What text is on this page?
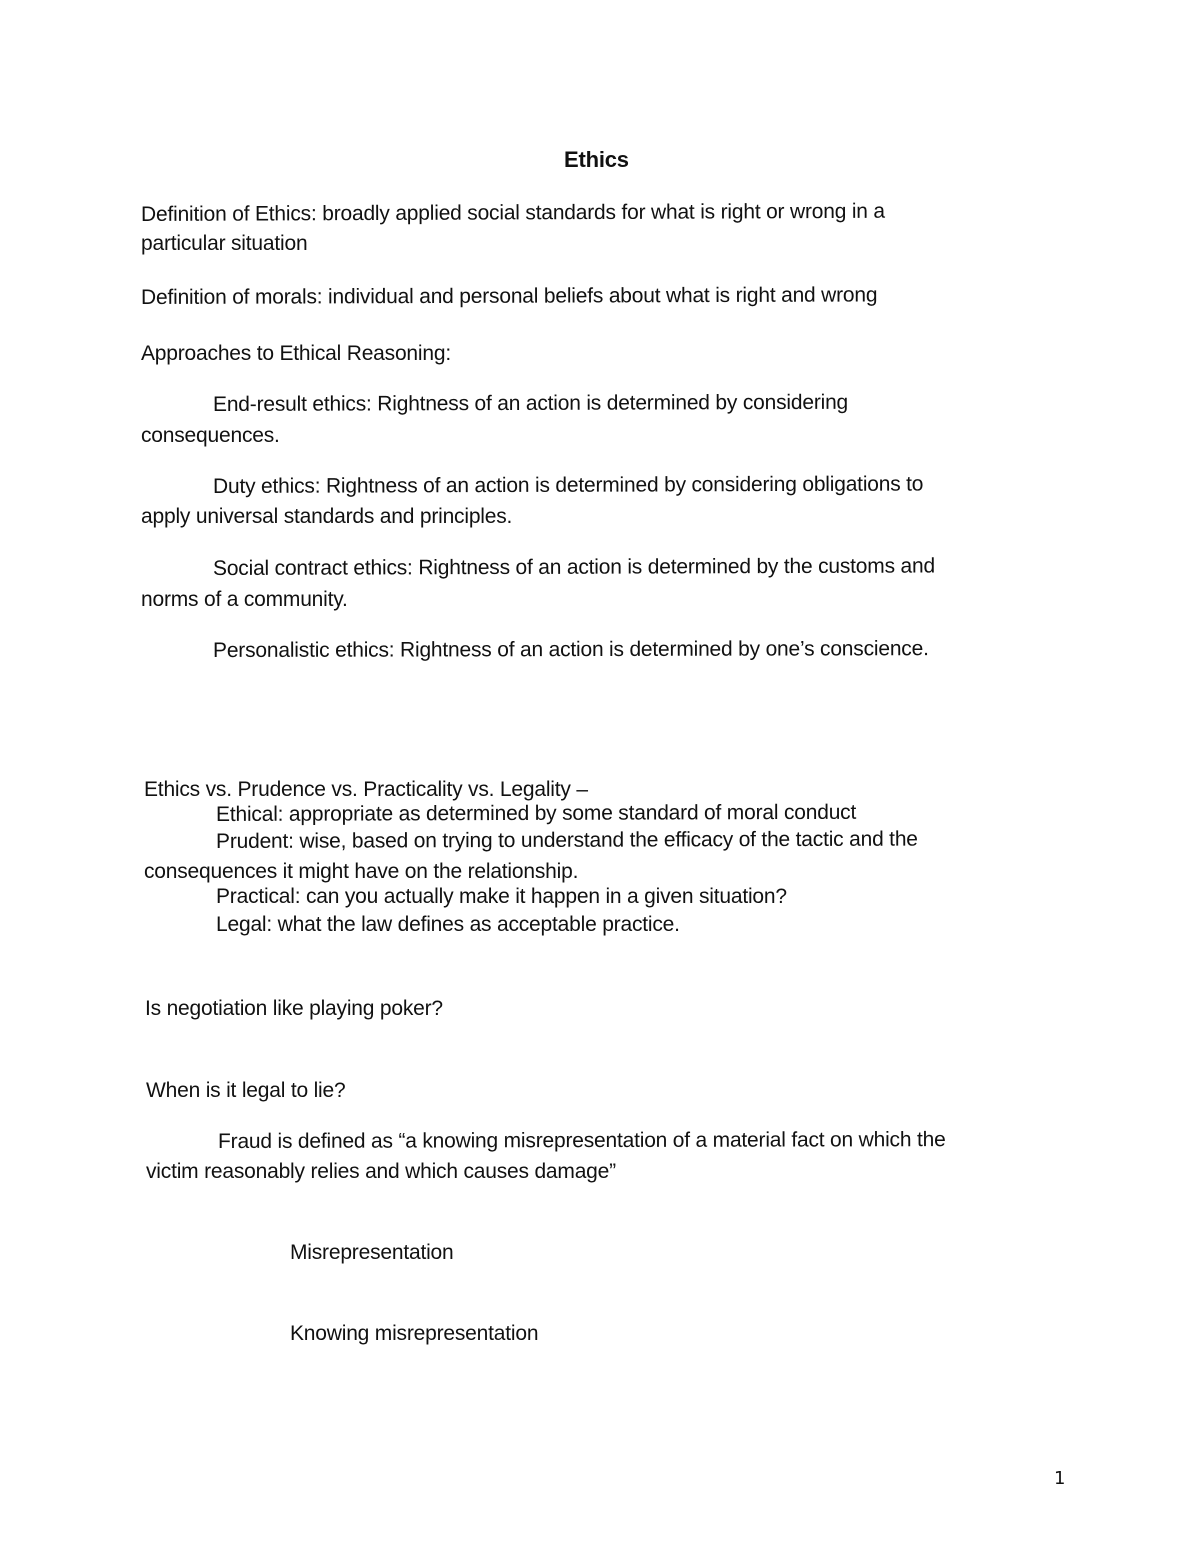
Ethics
Definition of Ethics: broadly applied social standards for what is right or wrong in a
particular situation
Definition of morals: individual and personal beliefs about what is right and wrong
Approaches to Ethical Reasoning:
End-result ethics: Rightness of an action is determined by considering
consequences.
Duty ethics: Rightness of an action is determined by considering obligations to
apply universal standards and principles.
Social contract ethics: Rightness of an action is determined by the customs and
norms of a community.
Personalistic ethics: Rightness of an action is determined by one’s conscience.
Ethics vs. Prudence vs. Practicality vs. Legality –
Ethical: appropriate as determined by some standard of moral conduct
Prudent: wise, based on trying to understand the efficacy of the tactic and the
consequences it might have on the relationship.
Practical: can you actually make it happen in a given situation?
Legal: what the law defines as acceptable practice.
Is negotiation like playing poker?
When is it legal to lie?
Fraud is defined as “a knowing misrepresentation of a material fact on which the
victim reasonably relies and which causes damage”
Misrepresentation
Knowing misrepresentation
1
